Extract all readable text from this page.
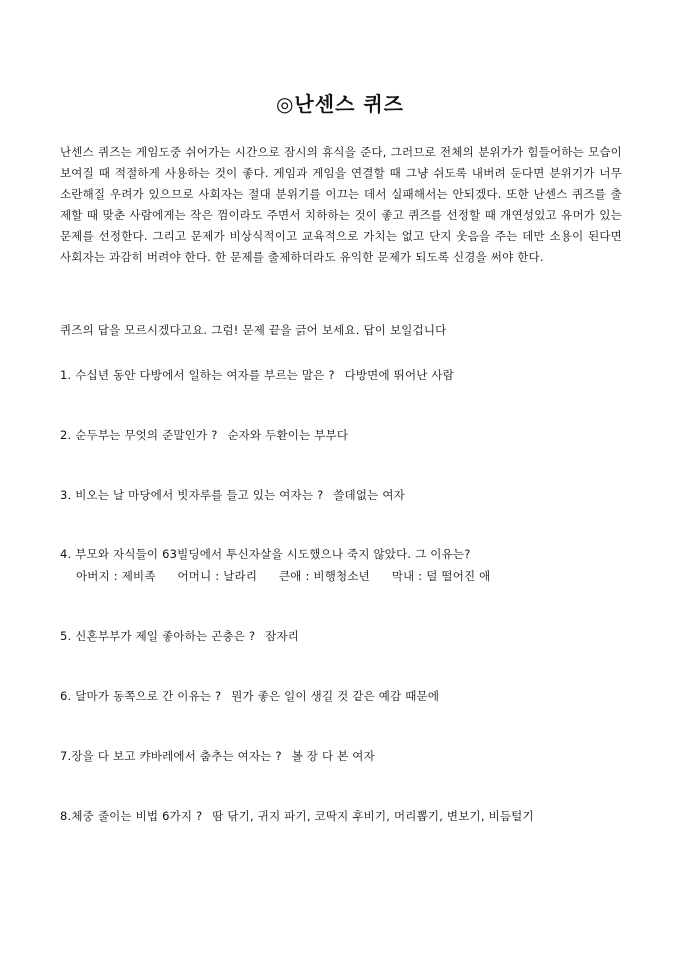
◎난센스 퀴즈
난센스 퀴즈는 게임도중 쉬어가는 시간으로 잠시의 휴식을 준다, 그러므로 전체의 분위가가 힘들어하는 모습이 보여질 때 적절하게 사용하는 것이 좋다. 게임과 게임을 연결할 때 그냥 쉬도록 내버려 둔다면 분위기가 너무 소란해질 우려가 있으므로 사회자는 절대 분위기를 이끄는 데서 실패해서는 안되겠다. 또한 난센스 퀴즈를 출제할 때 맞춘 사람에게는 작은 껌이라도 주면서 치하하는 것이 좋고 퀴즈를 선정할 때 개연성있고 유머가 있는 문제를 선정한다. 그리고 문제가 비상식적이고 교육적으로 가치는 없고 단지 웃음을 주는 데만 소용이 된다면 사회자는 과감히 버려야 한다. 한 문제를 출제하더라도 유익한 문제가 되도록 신경을 써야 한다.
퀴즈의 답을 모르시겠다고요. 그럼! 문제 끝을 긁어 보세요. 답이 보일겁니다
1. 수십년 동안 다방에서 일하는 여자를 부르는 말은 ? 다방면에 뛰어난 사람
2. 순두부는 무엇의 준말인가 ? 순자와 두환이는 부부다
3. 비오는 날 마당에서 빗자루를 들고 있는 여자는 ? 쓸데없는 여자
4. 부모와 자식들이 63빌딩에서 투신자살을 시도했으나 죽지 않았다. 그 이유는?
아버지 : 제비족 어머니 : 날라리 큰애 : 비행청소년 막내 : 덜 떨어진 애
5. 신혼부부가 제일 좋아하는 곤충은 ? 잠자리
6. 달마가 동쪽으로 간 이유는 ? 뭔가 좋은 일이 생길 것 같은 예감 때문에
7.장을 다 보고 캬바레에서 춤추는 여자는 ? 볼 장 다 본 여자
8.체중 줄이는 비법 6가지 ? 땀 닦기, 귀지 파기, 코딱지 후비기, 머리뽑기, 변보기, 비듬털기
